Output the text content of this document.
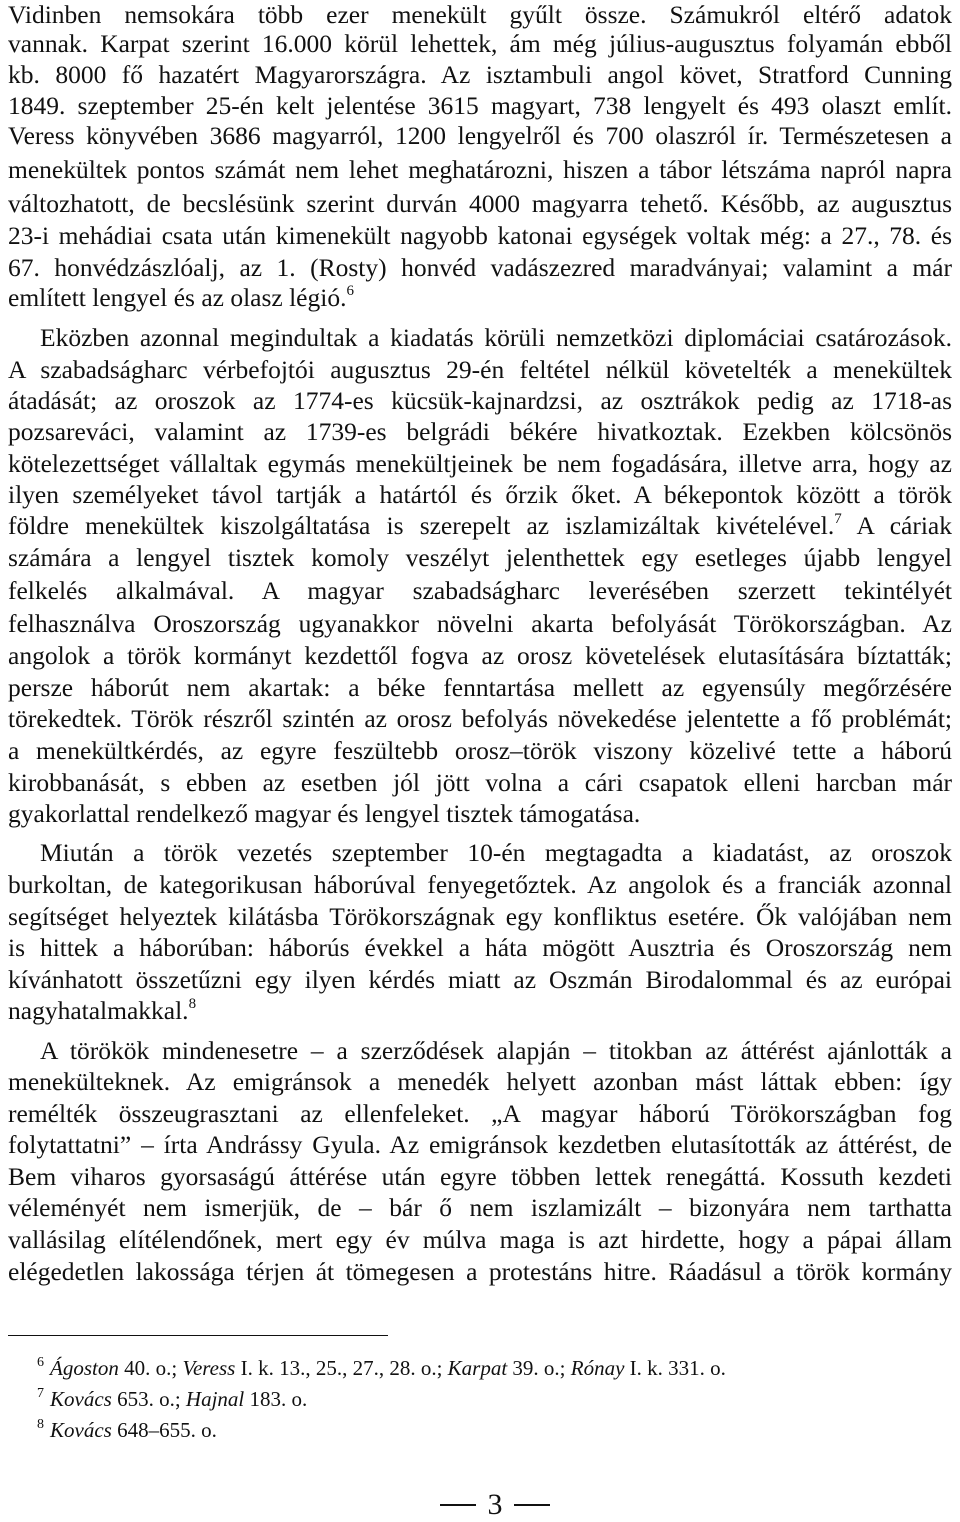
Vidinben nemsokára több ezer menekült gyűlt össze. Számukról eltérő adatok
vannak. Karpat szerint 16.000 körül lehettek, ám még július-augusztus folyamán ebből
kb. 8000 fő hazatért Magyarországra. Az isztambuli angol követ, Stratford Cunning
1849. szeptember 25-én kelt jelentése 3615 magyart, 738 lengyelt és 493 olaszt említ.
Veress könyvében 3686 magyarról, 1200 lengyelről és 700 olaszról ír. Természetesen a
menekültek pontos számát nem lehet meghatározni, hiszen a tábor létszáma napról napra
változhatott, de becslésünk szerint durván 4000 magyarra tehető. Később, az augusztus
23-i mehádiai csata után kimenekült nagyobb katonai egységek voltak még: a 27., 78. és
67. honvédzászlóalj, az 1. (Rosty) honvéd vadászezred maradványai; valamint a már
említett lengyel és az olasz légió.$^6$
Eközben azonnal megindultak a kiadatás körüli nemzetközi diplomáciai csatározások.
A szabadságharc vérbefojtói augusztus 29-én feltétel nélkül követelték a menekültek
átadását; az oroszok az 1774-es kücsük-kajnardzsi, az osztrákok pedig az 1718-as
pozsareváci, valamint az 1739-es belgrádi békére hivatkoztak. Ezekben kölcsönös
kötelezettséget vállaltak egymás menekültjeinek be nem fogadására, illetve arra, hogy az
ilyen személyeket távol tartják a határtól és őrzik őket. A békepontok között a török
földre menekültek kiszolgáltatása is szerepelt az iszlamizáltak kivételével.$^7$ A cáriak
számára a lengyel tisztek komoly veszélyt jelenthettek egy esetleges újabb lengyel
felkelés alkalmával. A magyar szabadságharc leverésében szerzett tekintélyét
felhasználva Oroszország ugyanakkor növelni akarta befolyását Törökországban. Az
angolok a török kormányt kezdettől fogva az orosz követelések elutasítására bíztatták;
persze háborút nem akartak: a béke fenntartása mellett az egyensúly megőrzésére
törekedtek. Török részről szintén az orosz befolyás növekedése jelentette a fő problémát;
a menekültkérdés, az egyre feszültebb orosz–török viszony közelivé tette a háború
kirobbanását, s ebben az esetben jól jött volna a cári csapatok elleni harcban már
gyakorlattal rendelkező magyar és lengyel tisztek támogatása.
Miután a török vezetés szeptember 10-én megtagadta a kiadatást, az oroszok
burkoltan, de kategorikusan háborúval fenyegetőztek. Az angolok és a franciák azonnal
segítséget helyeztek kilátásba Törökországnak egy konfliktus esetére. Ők valójában nem
is hittek a háborúban: háborús évekkel a háta mögött Ausztria és Oroszország nem
kívánhatott összetűzni egy ilyen kérdés miatt az Oszmán Birodalommal és az európai
nagyhatalmakkal.$^8$
A törökök mindenesetre – a szerződések alapján – titokban az áttérést ajánlották a
menekülteknek. Az emigránsok a menedék helyett azonban mást láttak ebben: így
remélték összeugrasztani az ellenfeleket. „A magyar háború Törökországban fog
folytattatni” – írta Andrássy Gyula. Az emigránsok kezdetben elutasították az áttérést, de
Bem viharos gyorsaságú áttérése után egyre többen lettek renegáttá. Kossuth kezdeti
véleményét nem ismerjük, de – bár ő nem iszlamizált – bizonyára nem tarthatta
vallásilag elítélendőnek, mert egy év múlva maga is azt hirdette, hogy a pápai állam
elégedetlen lakossága térjen át tömegesen a protestáns hitre. Ráadásul a török kormány
$^6$ Ágoston 40. o.; Veress I. k. 13., 25., 27., 28. o.; Karpat 39. o.; Rónay I. k. 331. o.
$^7$ Kovács 653. o.; Hajnal 183. o.
$^8$ Kovács 648–655. o.
3
